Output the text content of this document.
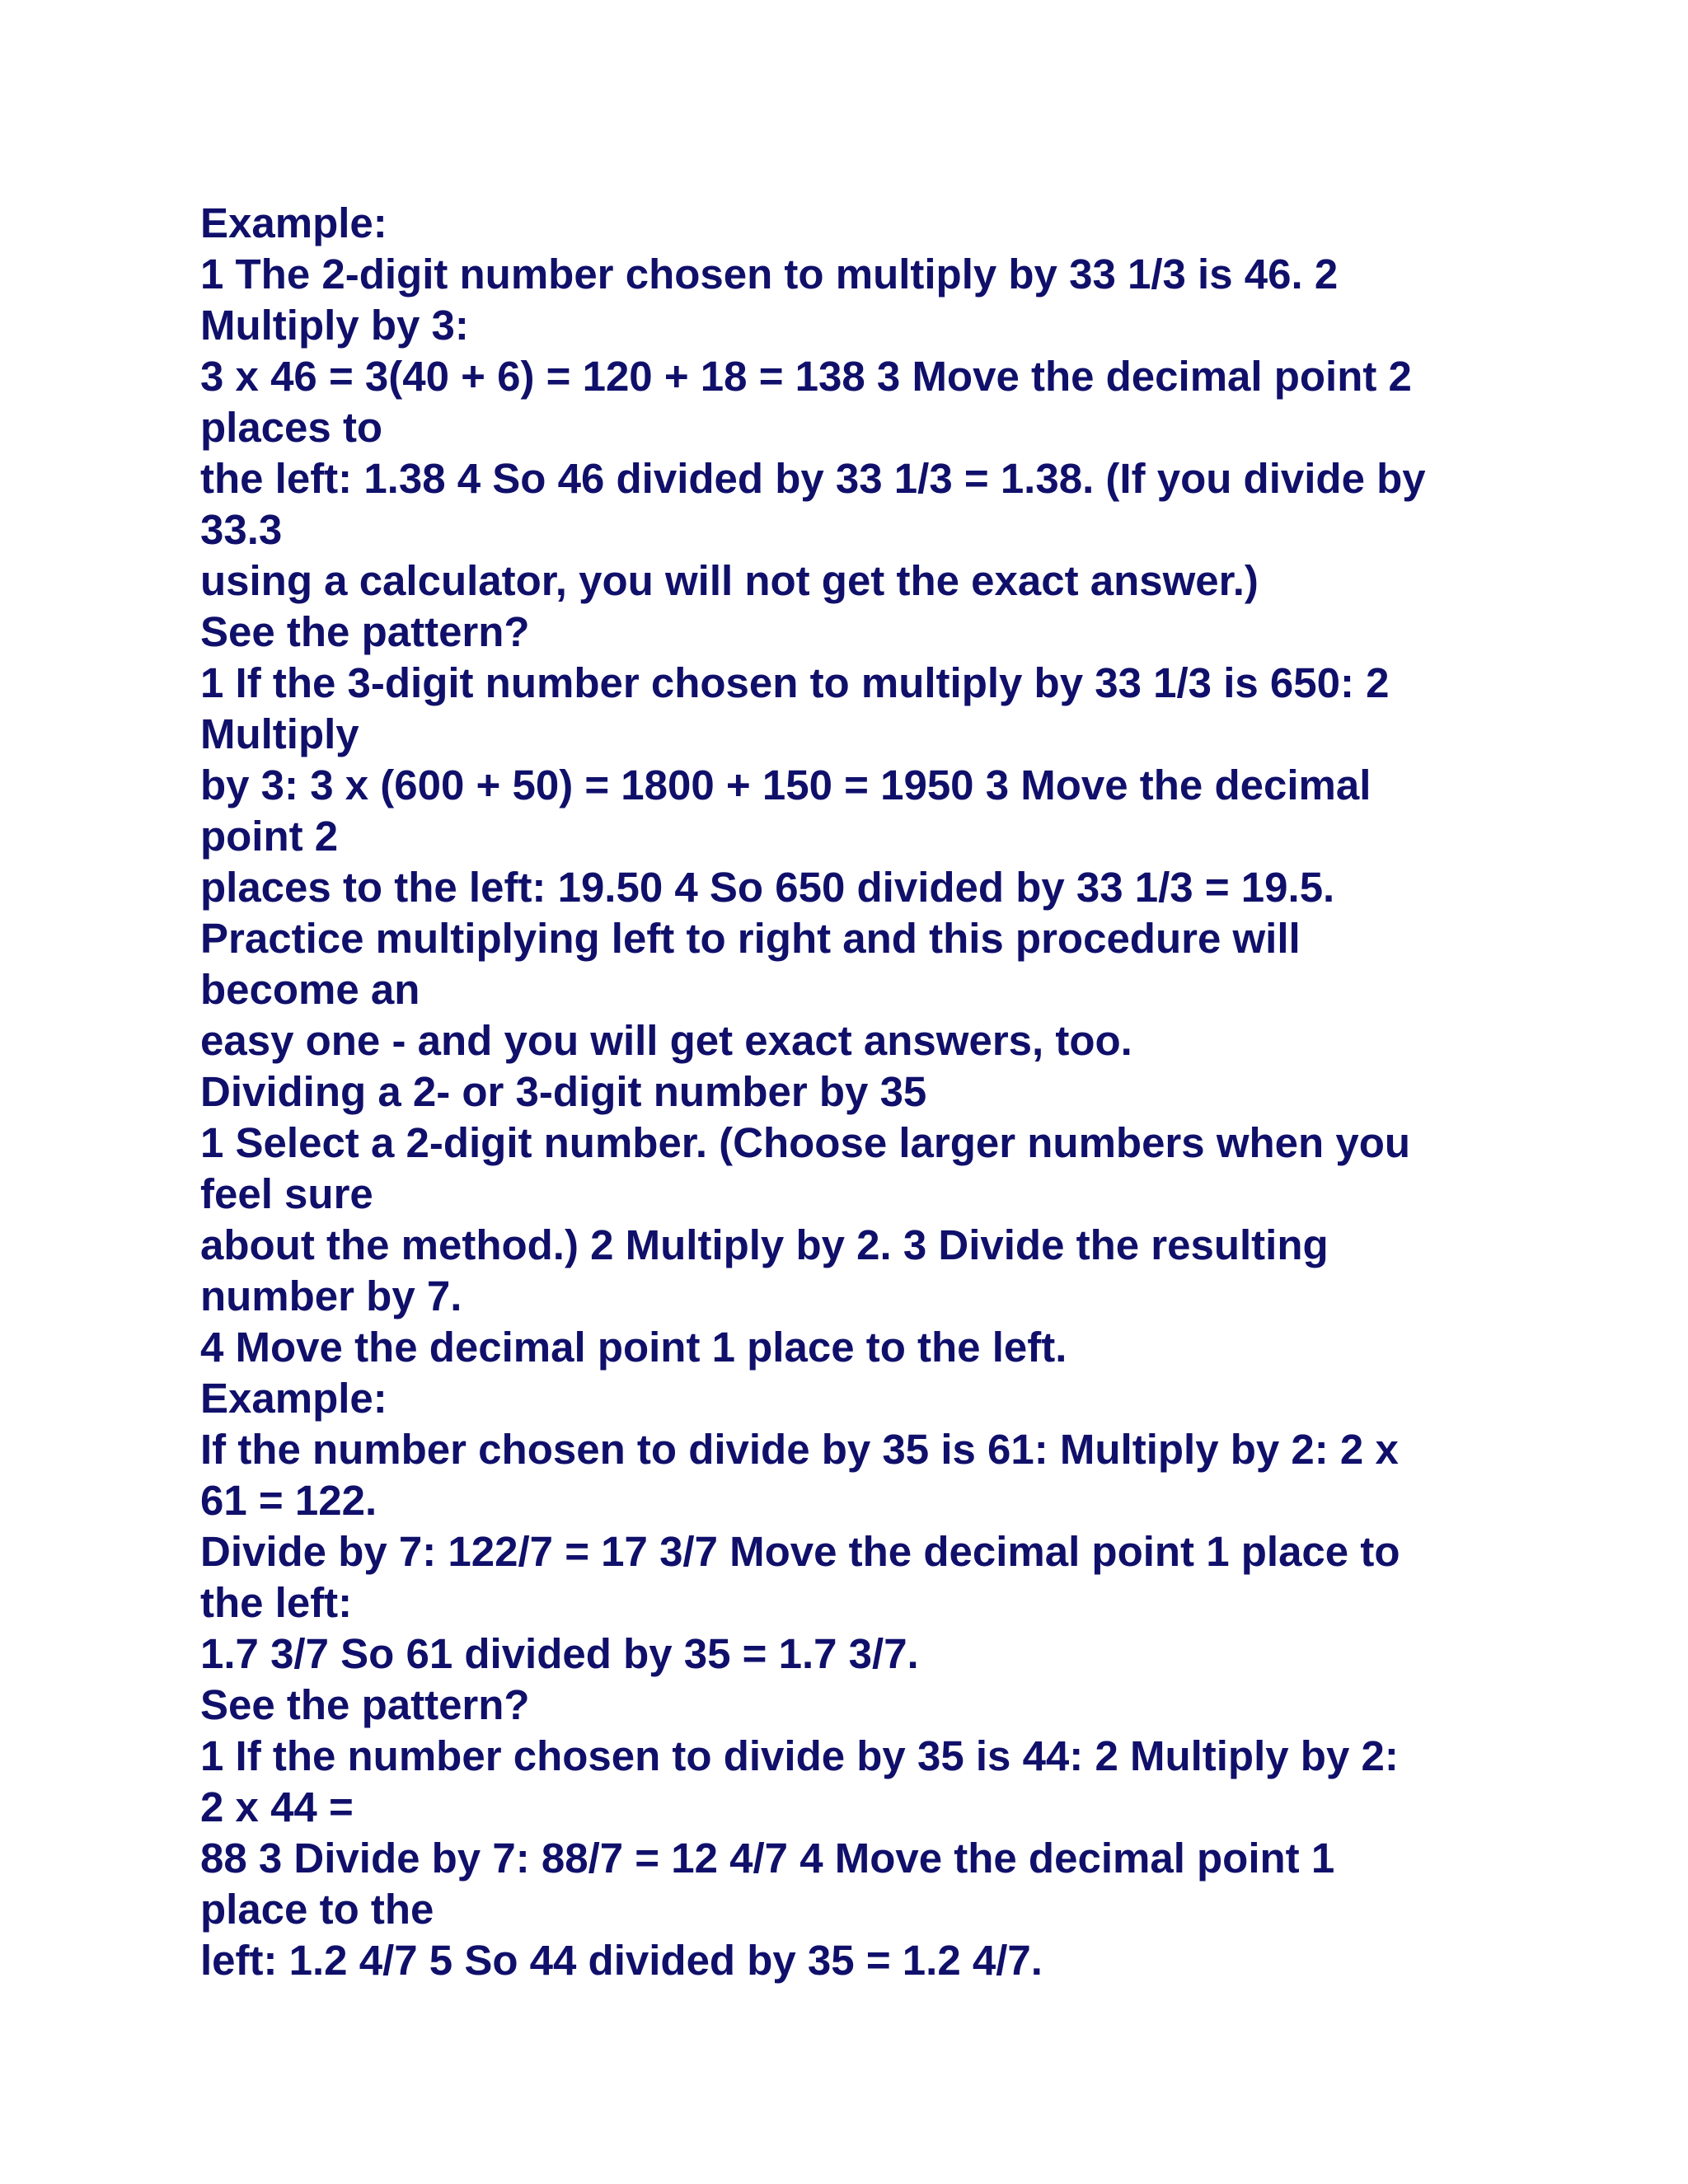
Example:

1 The 2-digit number chosen to multiply by 33 1/3 is 46. 2

Multiply by 3:

3 x 46 = 3(40 + 6) = 120 + 18 = 138 3 Move the decimal point 2

places to

the left: 1.38 4 So 46 divided by 33 1/3 = 1.38. (If you divide by

33.3

using a calculator, you will not get the exact answer.)

See the pattern?

1 If the 3-digit number chosen to multiply by 33 1/3 is 650: 2

Multiply

by 3: 3 x (600 + 50) = 1800 + 150 = 1950 3 Move the decimal

point 2

places to the left: 19.50 4 So 650 divided by 33 1/3 = 19.5.

Practice multiplying left to right and this procedure will

become an

easy one - and you will get exact answers, too.

Dividing a 2- or 3-digit number by 35

1 Select a 2-digit number. (Choose larger numbers when you

feel sure

about the method.) 2 Multiply by 2. 3 Divide the resulting

number by 7.

4 Move the decimal point 1 place to the left.

Example:

If the number chosen to divide by 35 is 61: Multiply by 2: 2 x

61 = 122.

Divide by 7: 122/7 = 17 3/7 Move the decimal point 1 place to

the left:

1.7 3/7 So 61 divided by 35 = 1.7 3/7.

See the pattern?

1 If the number chosen to divide by 35 is 44: 2 Multiply by 2:

2 x 44 =

88 3 Divide by 7: 88/7 = 12 4/7 4 Move the decimal point 1

place to the

left: 1.2 4/7 5 So 44 divided by 35 = 1.2 4/7.
